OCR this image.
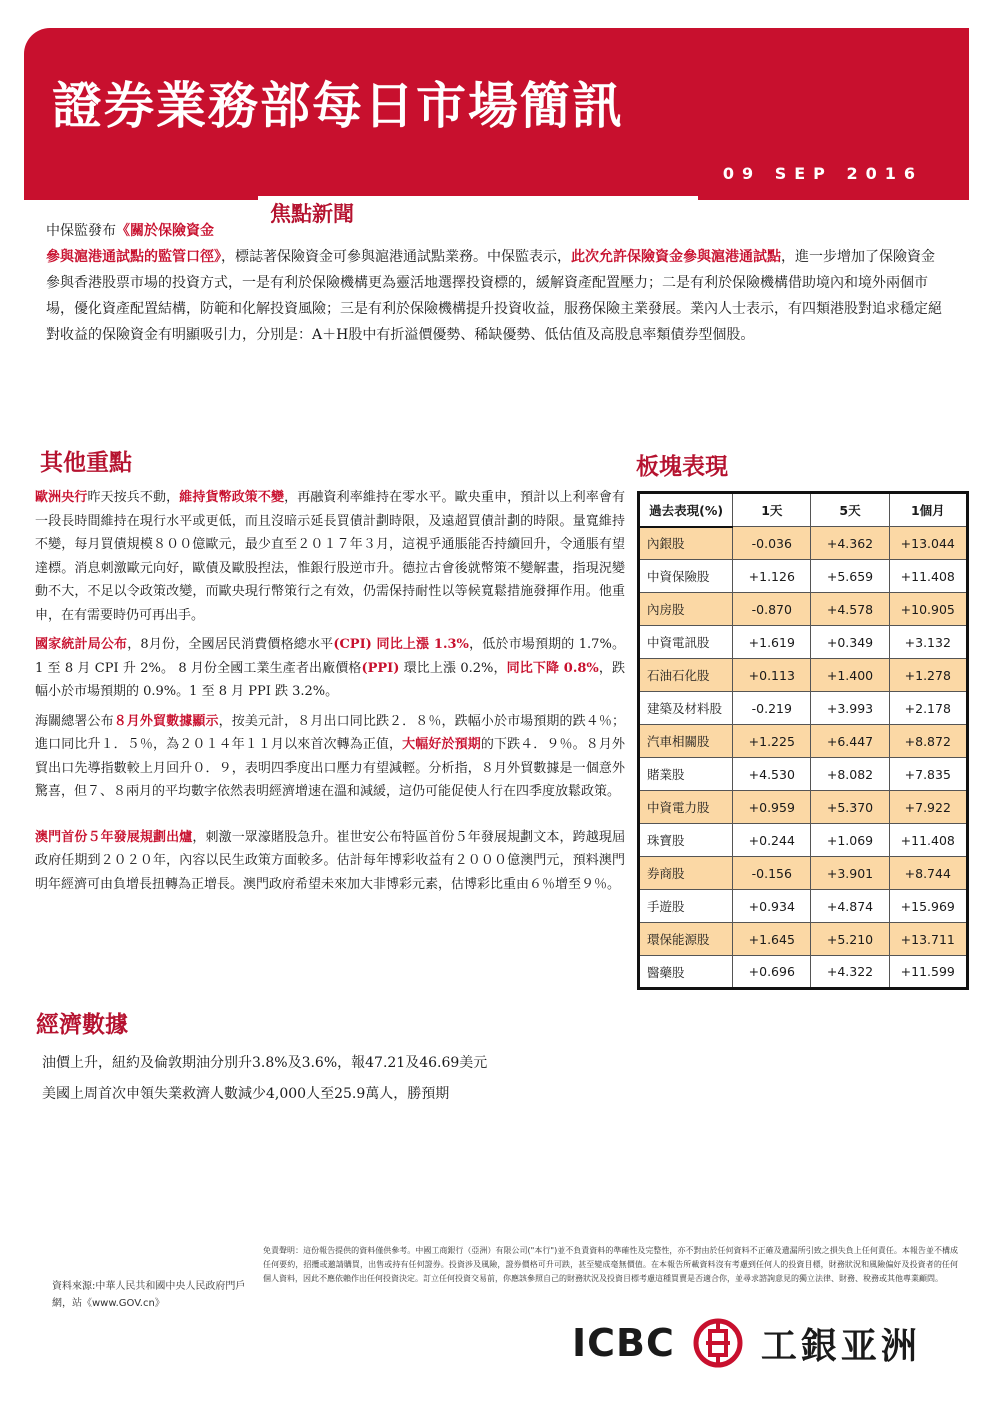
證券業務部每日市場簡訊
09 SEP 2016
焦點新聞
中保監發布《關於保險資金
參與滬港通試點的監管口徑》，標誌著保險資金可參與滬港通試點業務。中保監表示，此次允許保險資金參與滬港通試點，進一步增加了保險資金參與香港股票市場的投資方式，一是有利於保險機構更為靈活地選擇投資標的，緩解資產配置壓力；二是有利於保險機構借助境內和境外兩個市場，優化資產配置結構，防範和化解投資風險；三是有利於保險機構提升投資收益，服務保險主業發展。業內人士表示，有四類港股對追求穩定絕對收益的保險資金有明顯吸引力，分別是：A＋H股中有折溢價優勢、稀缺優勢、低估值及高股息率類債券型個股。
其他重點	板塊表現

歐洲央行昨天按兵不動，維持貨幣政策不變，再融資利率維持在零水平。歐央重申，預計以上利率會有一段長時間維持在現行水平或更低，而且沒暗示延長買債計劃時限，及遠超買債計劃的時限。量寬維持不變，每月買債規模８００億歐元，最少直至２０１７年３月，這視乎通脹能否持續回升，令通脹有望達標。消息刺激歐元向好，歐債及歐股揑法，惟銀行股逆市升。德拉古會後就幣策不變解畫，指現況變動不大，不足以令政策改變，而歐央現行幣策行之有效，仍需保持耐性以等候寬鬆措施發揮作用。他重申，在有需要時仍可再出手。

國家統計局公布，8月份，全國居民消費價格總水平(CPI) 同比上漲 1.3%，低於市場預期的 1.7%。1 至 8 月 CPI 升 2%。 8 月份全國工業生產者出廠價格(PPI) 環比上漲 0.2%，同比下降 0.8%，跌幅小於市場預期的 0.9%。1 至 8 月 PPI 跌 3.2%。

海關總署公布８月外貿數據顯示，按美元計，８月出口同比跌２．８％，跌幅小於市場預期的跌４％；進口同比升１．５％，為２０１４年１１月以來首次轉為正值，大幅好於預期的下跌４．９％。８月外貿出口先導指數較上月回升０．９，表明四季度出口壓力有望減輕。分析指，８月外貿數據是一個意外驚喜，但７、８兩月的平均數字依然表明經濟增速在溫和減緩，這仍可能促使人行在四季度放鬆政策。

澳門首份５年發展規劃出爐，刺激一眾濠賭股急升。崔世安公布特區首份５年發展規劃文本，跨越現屆政府任期到２０２０年，內容以民生政策方面較多。估計每年博彩收益有２０００億澳門元，預料澳門明年經濟可由負增長扭轉為正增長。澳門政府希望未來加大非博彩元素，估博彩比重由６％增至９％。

過去表現(%)	1天	5天	1個月
內銀股	-0.036	+4.362	+13.044
中資保險股	+1.126	+5.659	+11.408
內房股	-0.870	+4.578	+10.905
中資電訊股	+1.619	+0.349	+3.132
石油石化股	+0.113	+1.400	+1.278
建築及材料股	-0.219	+3.993	+2.178
汽車相關股	+1.225	+6.447	+8.872
賭業股	+4.530	+8.082	+7.835
中資電力股	+0.959	+5.370	+7.922
珠寶股	+0.244	+1.069	+11.408
券商股	-0.156	+3.901	+8.744
手遊股	+0.934	+4.874	+15.969
環保能源股	+1.645	+5.210	+13.711
醫藥股	+0.696	+4.322	+11.599
經濟數據
油價上升，紐約及倫敦期油分別升3.8%及3.6%，報47.21及46.69美元
美國上周首次申領失業救濟人數減少4,000人至25.9萬人，勝預期
資料來源:中華人民共和國中央人民政府門戶網，站《www.GOV.cn》
免責聲明：這份報告提供的資料僅供參考。中國工商銀行（亞洲）有限公司("本行")並不負責資料的準確性及完整性，亦不對由於任何資料不正確及遺漏所引致之損失負上任何責任。本報告並不構成任何要約，招攬或邀請購買，出售或持有任何證券。投資涉及風險，證券價格可升可跌，甚至變成毫無價值。在本報告所載資料沒有考慮到任何人的投資目標，財務狀況和風險偏好及投資者的任何個人資料，因此不應依賴作出任何投資決定。訂立任何投資交易前，你應該參照自己的財務狀況及投資目標考慮這種買賣是否適合你，並尋求諮詢意見的獨立法律、財務、稅務或其他專業顧問。
ICBC 工銀亚洲
